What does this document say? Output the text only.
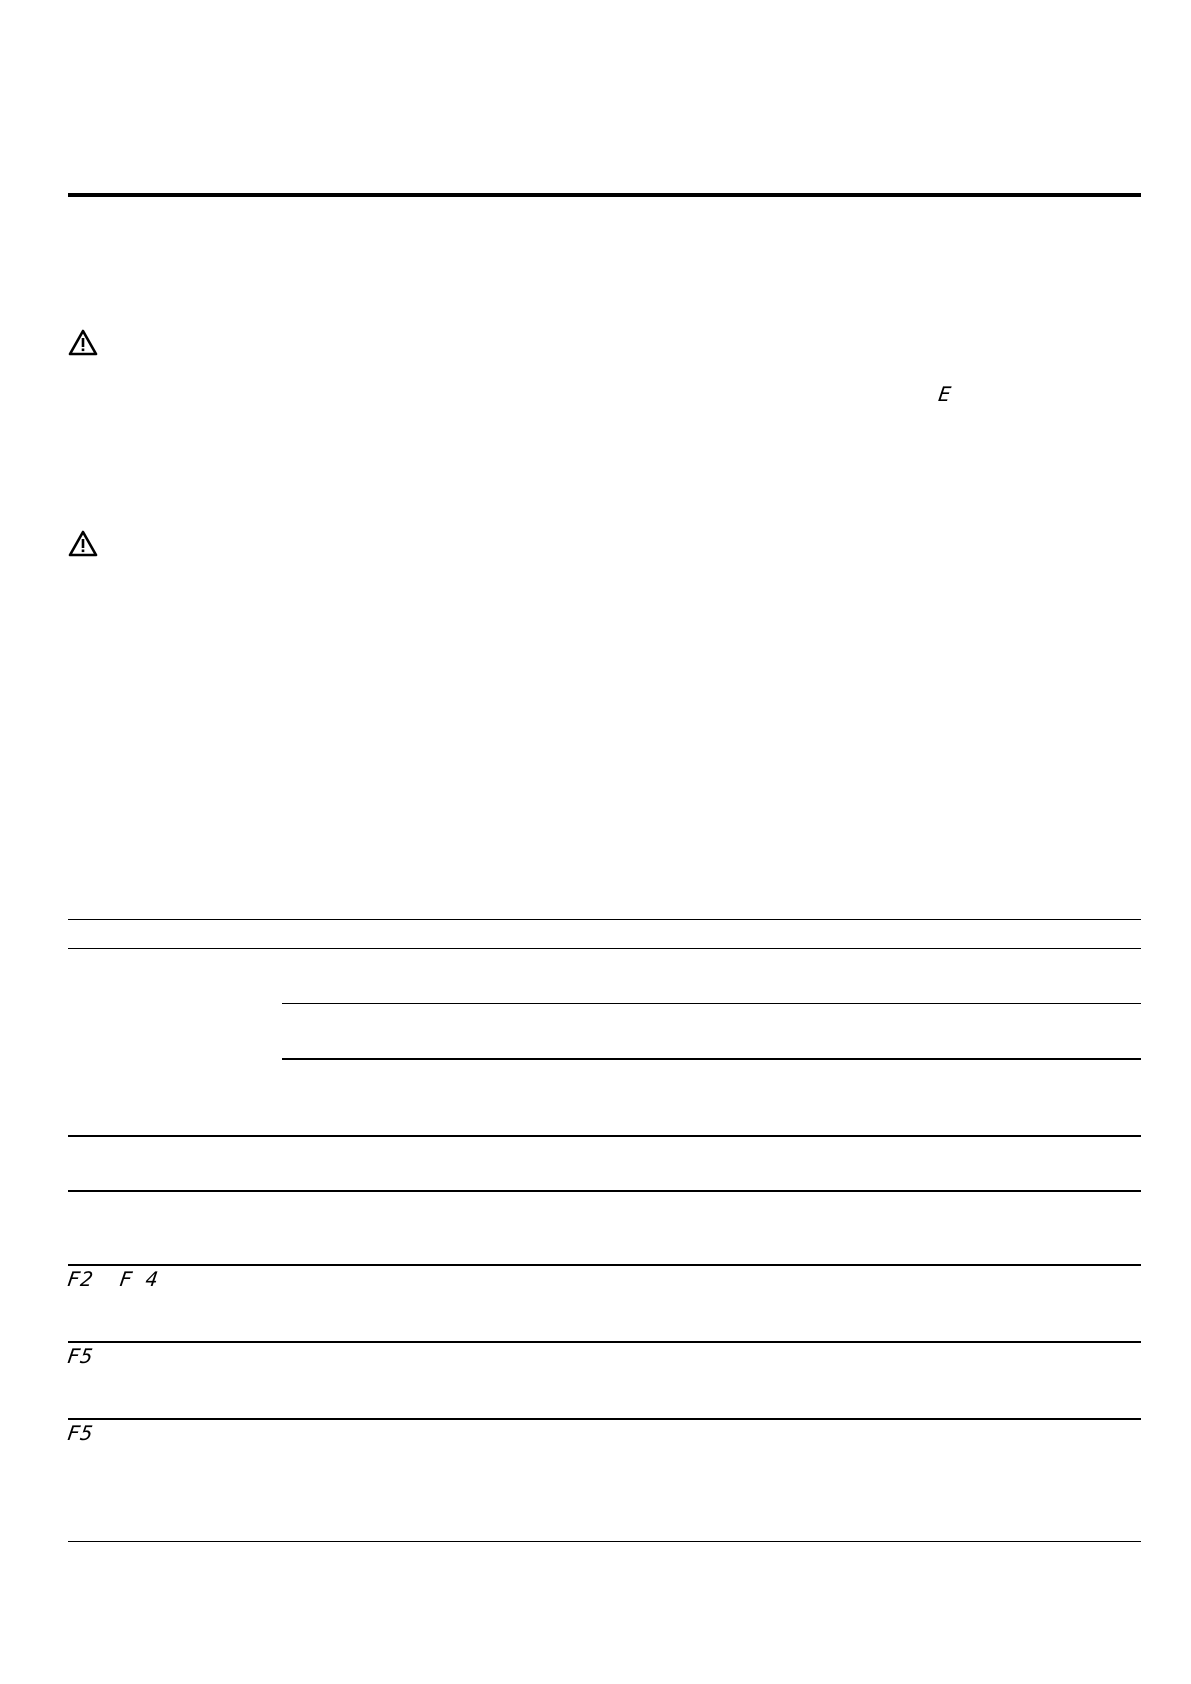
E
F2  F 4
F5
F5
